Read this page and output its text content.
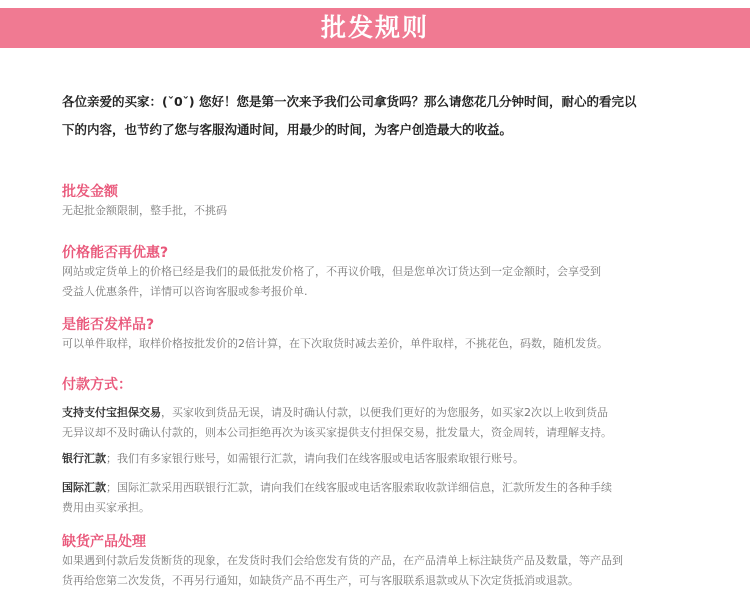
批发规则
各位亲爱的买家：(ˇ0ˇ) 您好！您是第一次来予我们公司拿货吗？那么请您花几分钟时间，耐心的看完以
下的内容，也节约了您与客服沟通时间，用最少的时间，为客户创造最大的收益。
批发金额
无起批金额限制，整手批，不挑码
价格能否再优惠?
网站或定货单上的价格已经是我们的最低批发价格了，不再议价哦，但是您单次订货达到一定金额时，会享受到
受益人优惠条件，详情可以咨询客服或参考报价单.
是能否发样品?
可以单件取样，取样价格按批发价的2倍计算，在下次取货时减去差价，单件取样，不挑花色，码数，随机发货。
付款方式：
支持支付宝担保交易，买家收到货品无误，请及时确认付款，以便我们更好的为您服务，如买家2次以上收到货品
无异议却不及时确认付款的，则本公司拒绝再次为该买家提供支付担保交易，批发量大，资金周转，请理解支持。
银行汇款；我们有多家银行账号，如需银行汇款，请向我们在线客服或电话客服索取银行账号。
国际汇款；国际汇款采用西联银行汇款，请向我们在线客服或电话客服索取收款详细信息，汇款所发生的各种手续
费用由买家承担。
缺货产品处理
如果遇到付款后发货断货的现象，在发货时我们会给您发有货的产品，在产品清单上标注缺货产品及数量，等产品到
货再给您第二次发货，不再另行通知，如缺货产品不再生产，可与客服联系退款或从下次定货抵消或退款。
